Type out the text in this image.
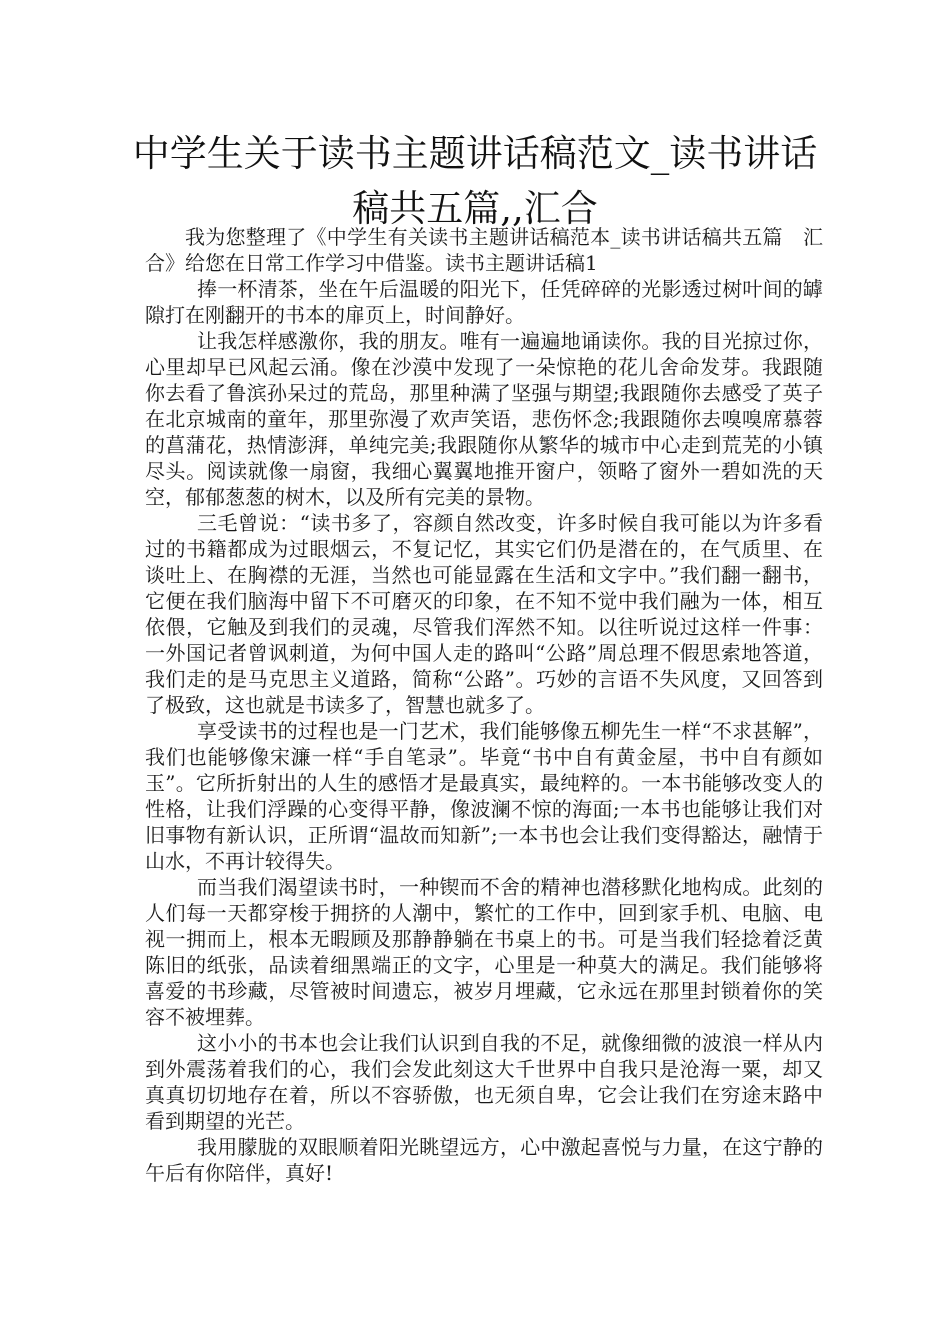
中学生关于读书主题讲话稿范文_读书讲话稿共五篇,,汇合

我为您整理了《中学生有关读书主题讲话稿范本_读书讲话稿共五篇　汇合》给您在日常工作学习中借鉴。读书主题讲话稿1

捧一杯清茶，坐在午后温暖的阳光下，任凭碎碎的光影透过树叶间的罅隙打在刚翻开的书本的扉页上，时间静好。

让我怎样感激你，我的朋友。唯有一遍遍地诵读你。我的目光掠过你，心里却早已风起云涌。像在沙漠中发现了一朵惊艳的花儿舍命发芽。我跟随你去看了鲁滨孙呆过的荒岛，那里种满了坚强与期望;我跟随你去感受了英子在北京城南的童年，那里弥漫了欢声笑语，悲伤怀念;我跟随你去嗅嗅席慕蓉的菖蒲花，热情澎湃，单纯完美;我跟随你从繁华的城市中心走到荒芜的小镇尽头。阅读就像一扇窗，我细心翼翼地推开窗户，领略了窗外一碧如洗的天空，郁郁葱葱的树木，以及所有完美的景物。

三毛曾说：“读书多了，容颜自然改变，许多时候自我可能以为许多看过的书籍都成为过眼烟云，不复记忆，其实它们仍是潜在的，在气质里、在谈吐上、在胸襟的无涯，当然也可能显露在生活和文字中。”我们翻一翻书，它便在我们脑海中留下不可磨灭的印象，在不知不觉中我们融为一体，相互依偎，它触及到我们的灵魂，尽管我们浑然不知。以往听说过这样一件事：一外国记者曾讽刺道，为何中国人走的路叫“公路”周总理不假思索地答道，我们走的是马克思主义道路，简称“公路”。巧妙的言语不失风度，又回答到了极致，这也就是书读多了，智慧也就多了。

享受读书的过程也是一门艺术，我们能够像五柳先生一样“不求甚解”，我们也能够像宋濂一样“手自笔录”。毕竟“书中自有黄金屋，书中自有颜如玉”。它所折射出的人生的感悟才是最真实，最纯粹的。一本书能够改变人的性格，让我们浮躁的心变得平静，像波澜不惊的海面;一本书也能够让我们对旧事物有新认识，正所谓“温故而知新”;一本书也会让我们变得豁达，融情于山水，不再计较得失。

而当我们渴望读书时，一种锲而不舍的精神也潜移默化地构成。此刻的人们每一天都穿梭于拥挤的人潮中，繁忙的工作中，回到家手机、电脑、电视一拥而上，根本无暇顾及那静静躺在书桌上的书。可是当我们轻捻着泛黄陈旧的纸张，品读着细黑端正的文字，心里是一种莫大的满足。我们能够将喜爱的书珍藏，尽管被时间遗忘，被岁月埋藏，它永远在那里封锁着你的笑容不被埋葬。

这小小的书本也会让我们认识到自我的不足，就像细微的波浪一样从内到外震荡着我们的心，我们会发此刻这大千世界中自我只是沧海一粟，却又真真切切地存在着，所以不容骄傲，也无须自卑，它会让我们在穷途末路中看到期望的光芒。

我用朦胧的双眼顺着阳光眺望远方，心中激起喜悦与力量，在这宁静的午后有你陪伴，真好!
